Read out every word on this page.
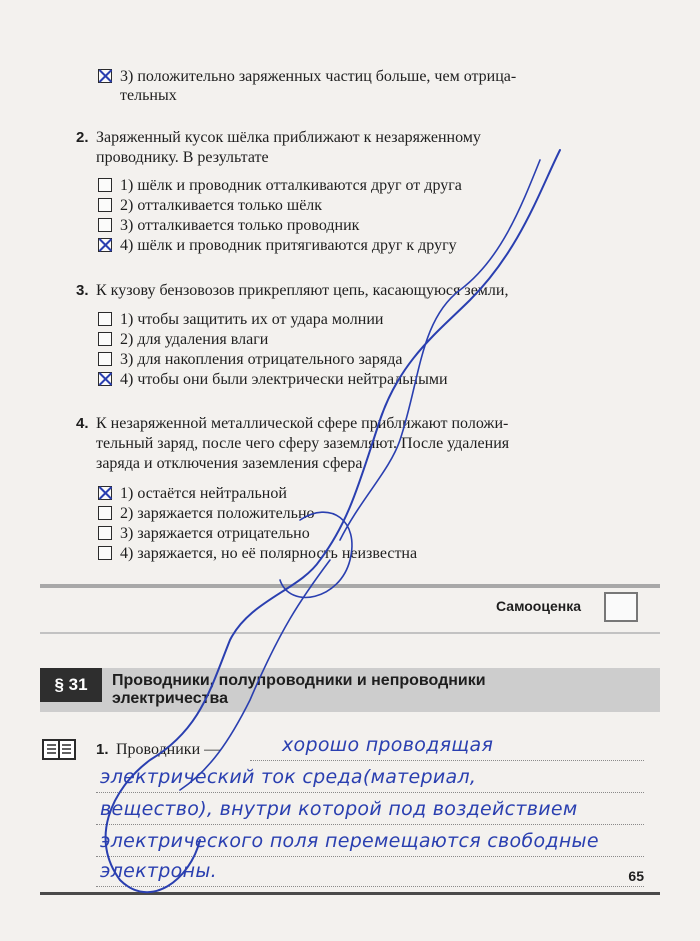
3) положительно заряженных частиц больше, чем отрица-
тельных
2. Заряженный кусок шёлка приближают к незаряженному
проводнику. В результате
1) шёлк и проводник отталкиваются друг от друга
2) отталкивается только шёлк
3) отталкивается только проводник
4) шёлк и проводник притягиваются друг к другу
3. К кузову бензовозов прикрепляют цепь, касающуюся земли,
1) чтобы защитить их от удара молнии
2) для удаления влаги
3) для накопления отрицательного заряда
4) чтобы они были электрически нейтральными
4. К незаряженной металлической сфере приближают положи-
тельный заряд, после чего сферу заземляют. После удаления
заряда и отключения заземления сфера
1) остаётся нейтральной
2) заряжается положительно
3) заряжается отрицательно
4) заряжается, но её полярность неизвестна
Самооценка
§ 31	Проводники, полупроводники и непроводники электричества
1. Проводники —	хорошо проводящая
электрический ток среда(материал,
вещество), внутри которой под воздействием
электрического поля перемещаются свободные
электроны.	65
